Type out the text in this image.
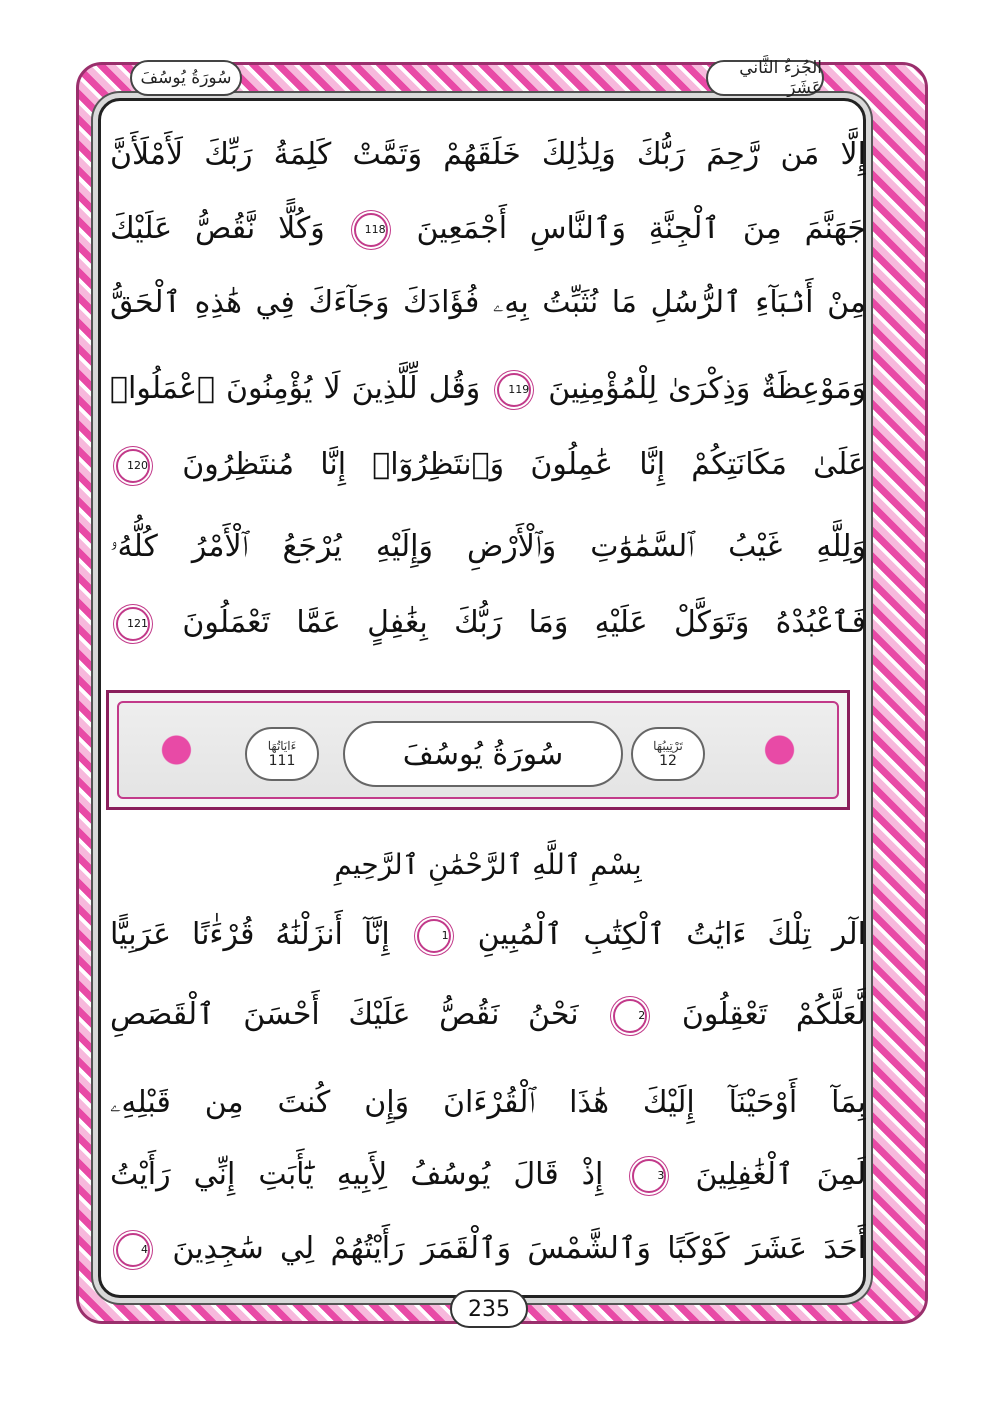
الجُزءُ الثَّاني عَشَرَ
سُورَةُ يُوسُفَ
إِلَّا مَن رَّحِمَ رَبُّكَ وَلِذَٰلِكَ خَلَقَهُمْ وَتَمَّتْ كَلِمَةُ رَبِّكَ لَأَمْلَأَنَّ
جَهَنَّمَ مِنَ ٱلْجِنَّةِ وَٱلنَّاسِ أَجْمَعِينَ 118 وَكُلًّا نَّقُصُّ عَلَيْكَ
مِنْ أَنۢبَآءِ ٱلرُّسُلِ مَا نُثَبِّتُ بِهِۦ فُؤَادَكَ وَجَآءَكَ فِي هَٰذِهِ ٱلْحَقُّ
وَمَوْعِظَةٌ وَذِكْرَىٰ لِلْمُؤْمِنِينَ 119 وَقُل لِّلَّذِينَ لَا يُؤْمِنُونَ ٱعْمَلُوا۟
عَلَىٰ مَكَانَتِكُمْ إِنَّا عَٰمِلُونَ وَٱنتَظِرُوٓا۟ إِنَّا مُنتَظِرُونَ 120
وَلِلَّهِ غَيْبُ ٱلسَّمَٰوَٰتِ وَٱلْأَرْضِ وَإِلَيْهِ يُرْجَعُ ٱلْأَمْرُ كُلُّهُۥ
فَٱعْبُدْهُ وَتَوَكَّلْ عَلَيْهِ وَمَا رَبُّكَ بِغَٰفِلٍ عَمَّا تَعْمَلُونَ 121
ءَايَاتُهَا
111	سُورَةُ يُوسُفَ	تَرْتِيبُهَا
12
بِسْمِ ٱللَّهِ ٱلرَّحْمَٰنِ ٱلرَّحِيمِ
الٓر تِلْكَ ءَايَٰتُ ٱلْكِتَٰبِ ٱلْمُبِينِ 1 إِنَّآ أَنزَلْنَٰهُ قُرْءَٰنًا عَرَبِيًّا
لَّعَلَّكُمْ تَعْقِلُونَ 2 نَحْنُ نَقُصُّ عَلَيْكَ أَحْسَنَ ٱلْقَصَصِ
بِمَآ أَوْحَيْنَآ إِلَيْكَ هَٰذَا ٱلْقُرْءَانَ وَإِن كُنتَ مِن قَبْلِهِۦ
لَمِنَ ٱلْغَٰفِلِينَ 3 إِذْ قَالَ يُوسُفُ لِأَبِيهِ يَٰٓأَبَتِ إِنِّي رَأَيْتُ
أَحَدَ عَشَرَ كَوْكَبًا وَٱلشَّمْسَ وَٱلْقَمَرَ رَأَيْتُهُمْ لِي سَٰجِدِينَ 4
235
